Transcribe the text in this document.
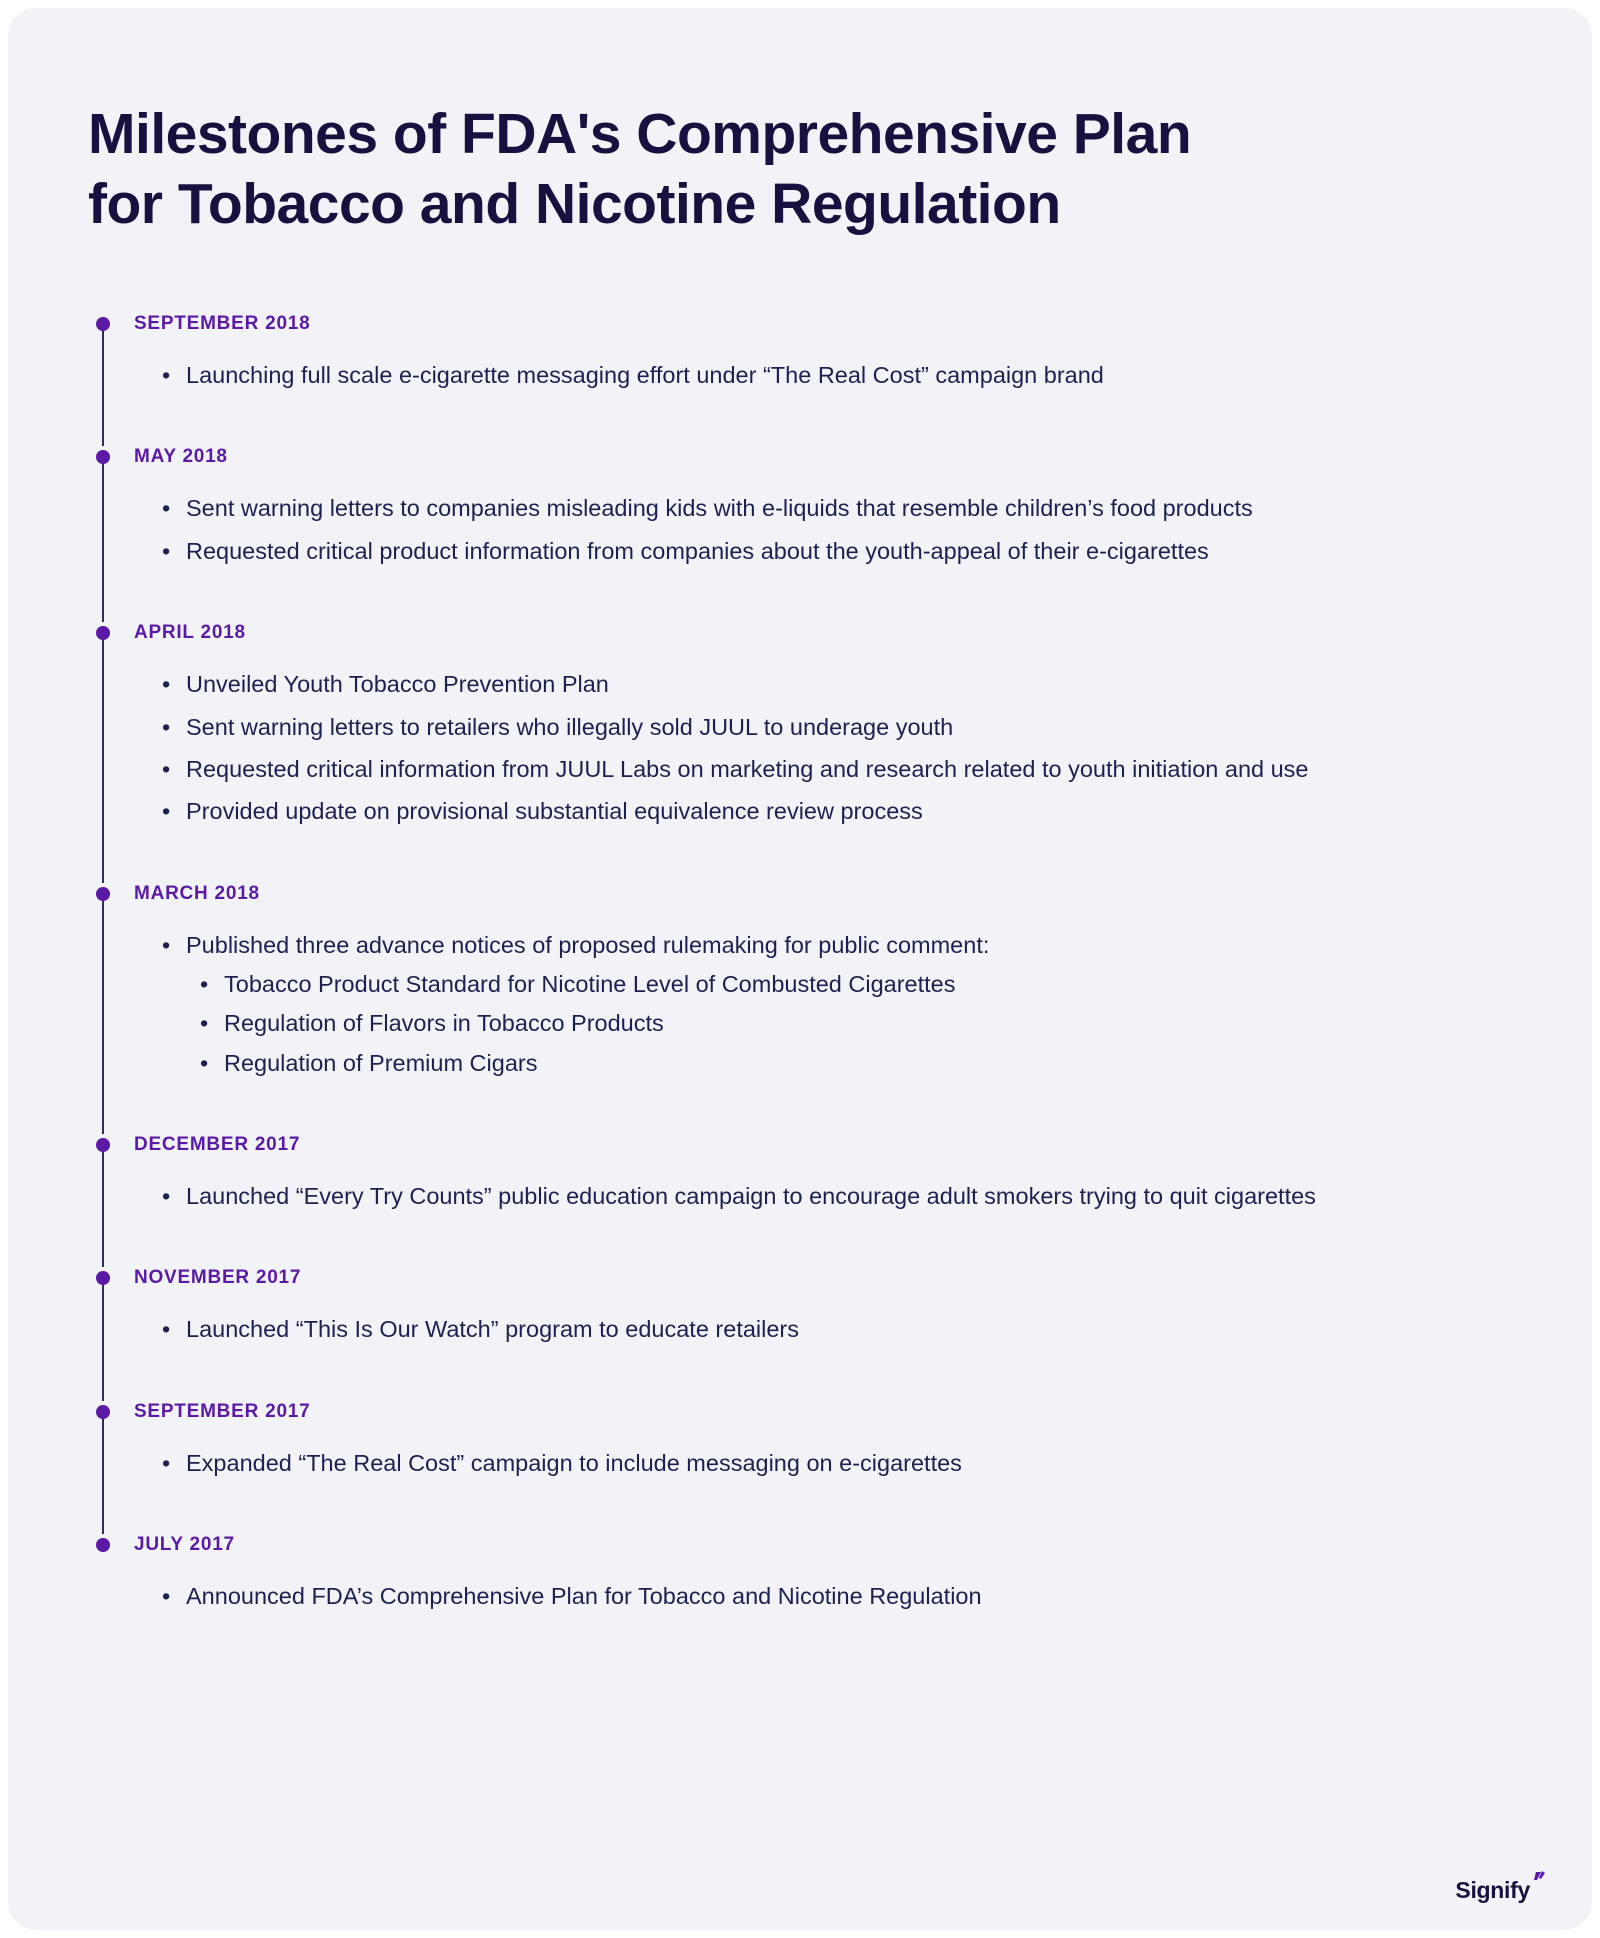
Milestones of FDA's Comprehensive Plan for Tobacco and Nicotine Regulation
SEPTEMBER 2018
• Launching full scale e-cigarette messaging effort under “The Real Cost” campaign brand
MAY 2018
• Sent warning letters to companies misleading kids with e-liquids that resemble children’s food products
• Requested critical product information from companies about the youth-appeal of their e-cigarettes
APRIL 2018
• Unveiled Youth Tobacco Prevention Plan
• Sent warning letters to retailers who illegally sold JUUL to underage youth
• Requested critical information from JUUL Labs on marketing and research related to youth initiation and use
• Provided update on provisional substantial equivalence review process
MARCH 2018
• Published three advance notices of proposed rulemaking for public comment:
• Tobacco Product Standard for Nicotine Level of Combusted Cigarettes
• Regulation of Flavors in Tobacco Products
• Regulation of Premium Cigars
DECEMBER 2017
• Launched “Every Try Counts” public education campaign to encourage adult smokers trying to quit cigarettes
NOVEMBER 2017
• Launched “This Is Our Watch” program to educate retailers
SEPTEMBER 2017
• Expanded “The Real Cost” campaign to include messaging on e-cigarettes
JULY 2017
• Announced FDA’s Comprehensive Plan for Tobacco and Nicotine Regulation
Signify
